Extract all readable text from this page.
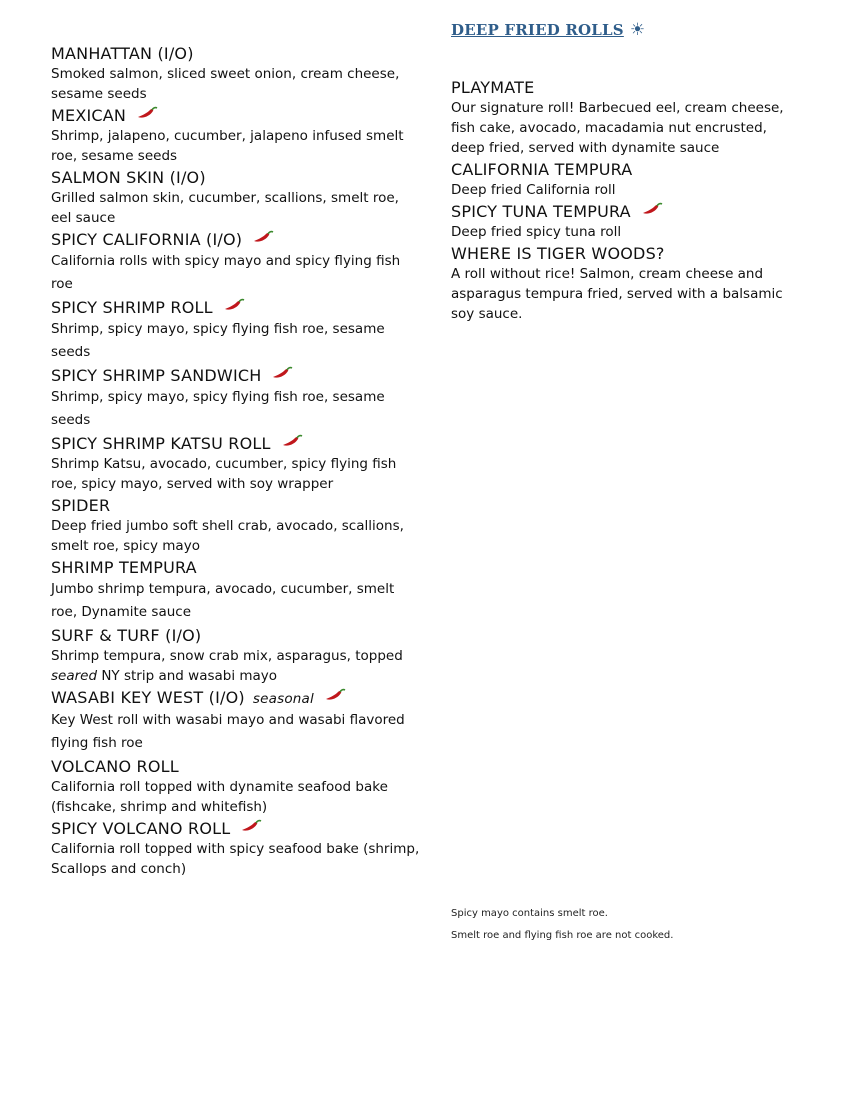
MANHATTAN (I/O)
Smoked salmon, sliced sweet onion, cream cheese, sesame seeds
MEXICAN
Shrimp, jalapeno, cucumber, jalapeno infused smelt roe, sesame seeds
SALMON SKIN (I/O)
Grilled salmon skin, cucumber, scallions, smelt roe, eel sauce
SPICY CALIFORNIA (I/O)
California rolls with spicy mayo and spicy flying fish roe
SPICY SHRIMP ROLL
Shrimp, spicy mayo, spicy flying fish roe, sesame seeds
SPICY SHRIMP SANDWICH
Shrimp, spicy mayo, spicy flying fish roe, sesame seeds
SPICY SHRIMP KATSU ROLL
Shrimp Katsu, avocado, cucumber, spicy flying fish roe, spicy mayo, served with soy wrapper
SPIDER
Deep fried jumbo soft shell crab, avocado, scallions, smelt roe, spicy mayo
SHRIMP TEMPURA
Jumbo shrimp tempura, avocado, cucumber, smelt roe, Dynamite sauce
SURF & TURF (I/O)
Shrimp tempura, snow crab mix, asparagus, topped seared NY strip and wasabi mayo
WASABI KEY WEST (I/O) seasonal
Key West roll with wasabi mayo and wasabi flavored flying fish roe
VOLCANO ROLL
California roll topped with dynamite seafood bake (fishcake, shrimp and whitefish)
SPICY VOLCANO ROLL
California roll topped with spicy seafood bake (shrimp, Scallops and conch)
DEEP FRIED ROLLS ☀
PLAYMATE
Our signature roll! Barbecued eel, cream cheese, fish cake, avocado, macadamia nut encrusted, deep fried, served with dynamite sauce
CALIFORNIA TEMPURA
Deep fried California roll
SPICY TUNA TEMPURA
Deep fried spicy tuna roll
WHERE IS TIGER WOODS?
A roll without rice! Salmon, cream cheese and asparagus tempura fried, served with a balsamic soy sauce.
Spicy mayo contains smelt roe.
Smelt roe and flying fish roe are not cooked.
